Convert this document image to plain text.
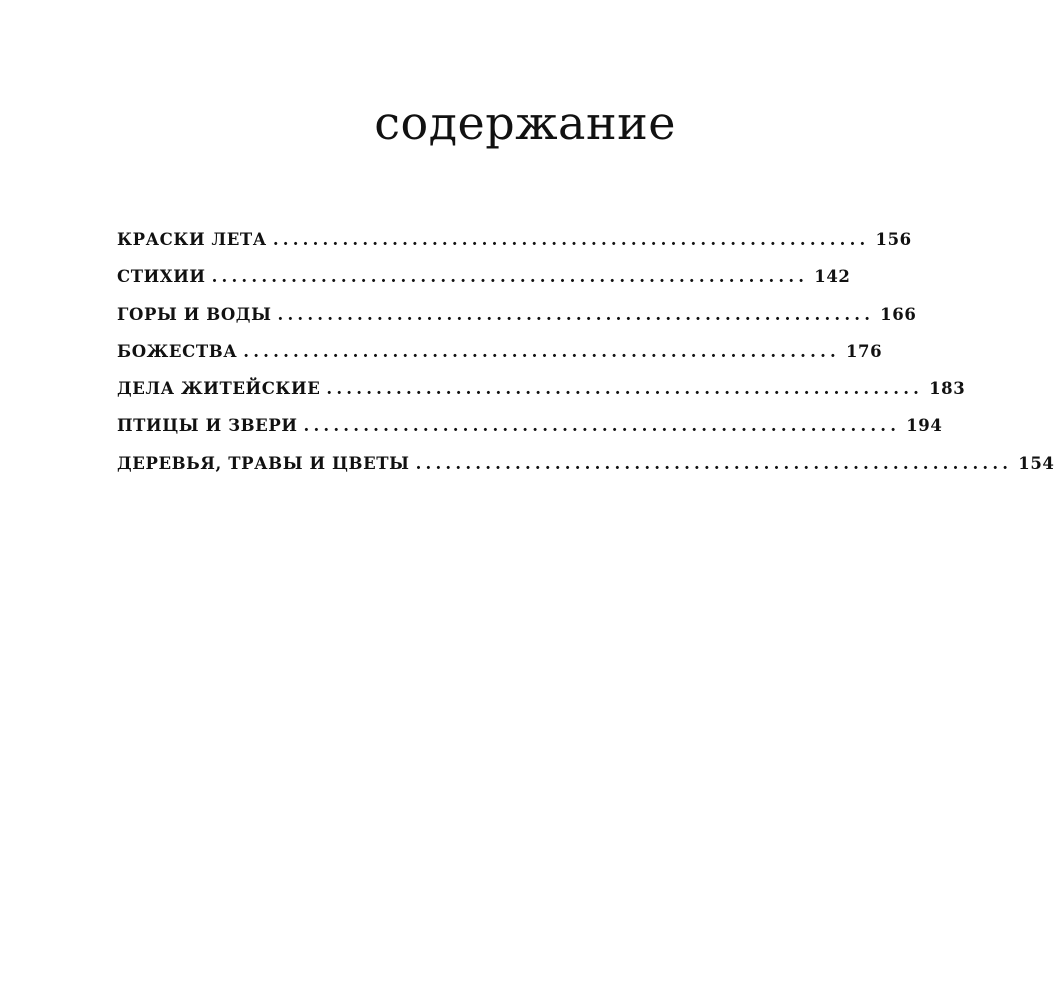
содержание
КРАСКИ ЛЕТА ............................................................ 156
СТИХИИ ............................................................ 142
ГОРЫ И ВОДЫ ............................................................ 166
БОЖЕСТВА ............................................................ 176
ДЕЛА ЖИТЕЙСКИЕ ............................................................ 183
ПТИЦЫ И ЗВЕРИ ............................................................ 194
ДЕРЕВЬЯ, ТРАВЫ И ЦВЕТЫ ............................................................ 154
